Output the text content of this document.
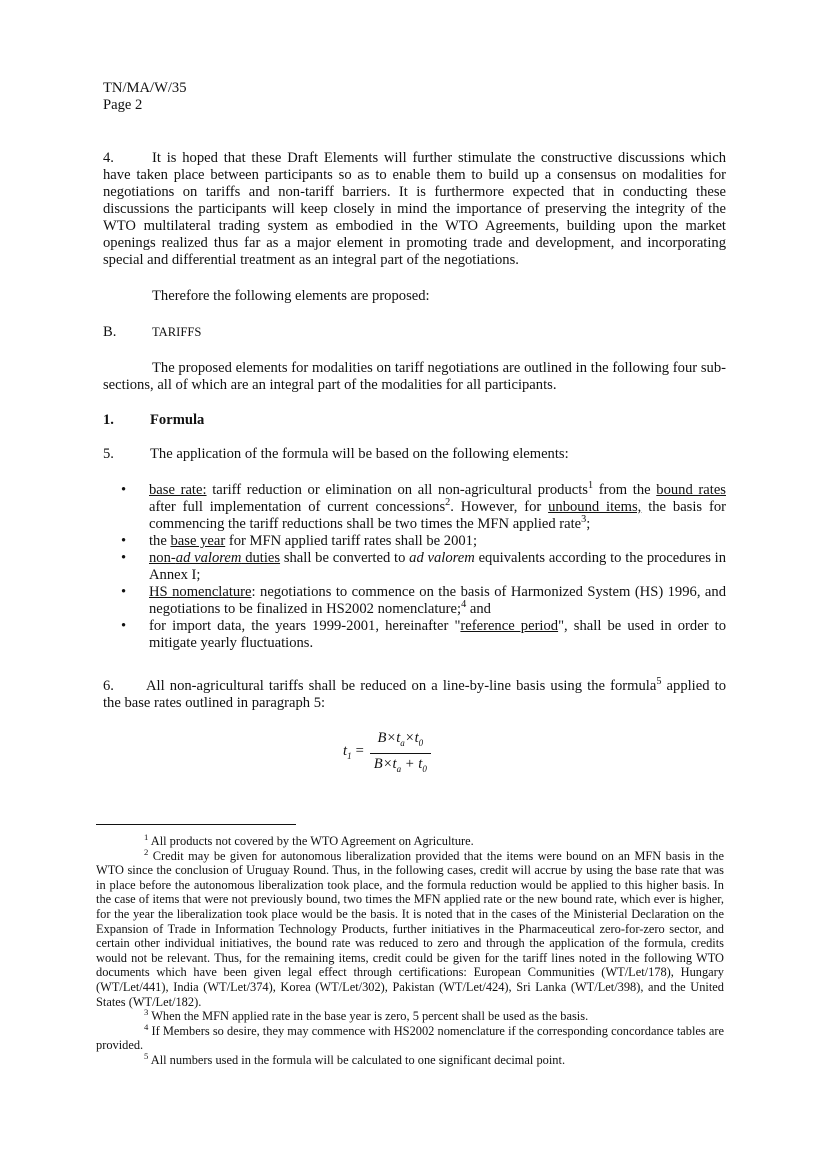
TN/MA/W/35
Page 2

4.	It is hoped that these Draft Elements will further stimulate the constructive discussions which have taken place between participants so as to enable them to build up a consensus on modalities for negotiations on tariffs and non-tariff barriers. It is furthermore expected that in conducting these discussions the participants will keep closely in mind the importance of preserving the integrity of the WTO multilateral trading system as embodied in the WTO Agreements, building upon the market openings realized thus far as a major element in promoting trade and development, and incorporating special and differential treatment as an integral part of the negotiations.

Therefore the following elements are proposed:

B.	TARIFFS

The proposed elements for modalities on tariff negotiations are outlined in the following four sub-sections, all of which are an integral part of the modalities for all participants.

1. Formula

5. The application of the formula will be based on the following elements:

• base rate: tariff reduction or elimination on all non-agricultural products$^1$ from the bound rates after full implementation of current concessions$^2$. However, for unbound items, the basis for commencing the tariff reductions shall be two times the MFN applied rate$^3$;
• the base year for MFN applied tariff rates shall be 2001;
• non-ad valorem duties shall be converted to ad valorem equivalents according to the procedures in Annex I;
• HS nomenclature: negotiations to commence on the basis of Harmonized System (HS) 1996, and negotiations to be finalized in HS2002 nomenclature;$^4$ and
• for import data, the years 1999-2001, hereinafter "reference period", shall be used in order to mitigate yearly fluctuations.

6. All non-agricultural tariffs shall be reduced on a line-by-line basis using the formula$^5$ applied to the base rates outlined in paragraph 5:

$t_1 = \frac{B\times t_a\times t_0}{B\times t_a + t_0}$

$^1$ All products not covered by the WTO Agreement on Agriculture.

$^2$ Credit may be given for autonomous liberalization provided that the items were bound on an MFN basis in the WTO since the conclusion of Uruguay Round. Thus, in the following cases, credit will accrue by using the base rate that was in place before the autonomous liberalization took place, and the formula reduction would be applied to this higher basis. In the case of items that were not previously bound, two times the MFN applied rate or the new bound rate, which ever is higher, for the year the liberalization took place would be the basis. It is noted that in the cases of the Ministerial Declaration on the Expansion of Trade in Information Technology Products, further initiatives in the Pharmaceutical zero-for-zero sector, and certain other individual initiatives, the bound rate was reduced to zero and through the application of the formula, credits would not be relevant. Thus, for the remaining items, credit could be given for the tariff lines noted in the following WTO documents which have been given legal effect through certifications: European Communities (WT/Let/178), Hungary (WT/Let/441), India (WT/Let/374), Korea (WT/Let/302), Pakistan (WT/Let/424), Sri Lanka (WT/Let/398), and the United States (WT/Let/182).

$^3$ When the MFN applied rate in the base year is zero, 5 percent shall be used as the basis.

$^4$ If Members so desire, they may commence with HS2002 nomenclature if the corresponding concordance tables are provided.

$^5$ All numbers used in the formula will be calculated to one significant decimal point.
